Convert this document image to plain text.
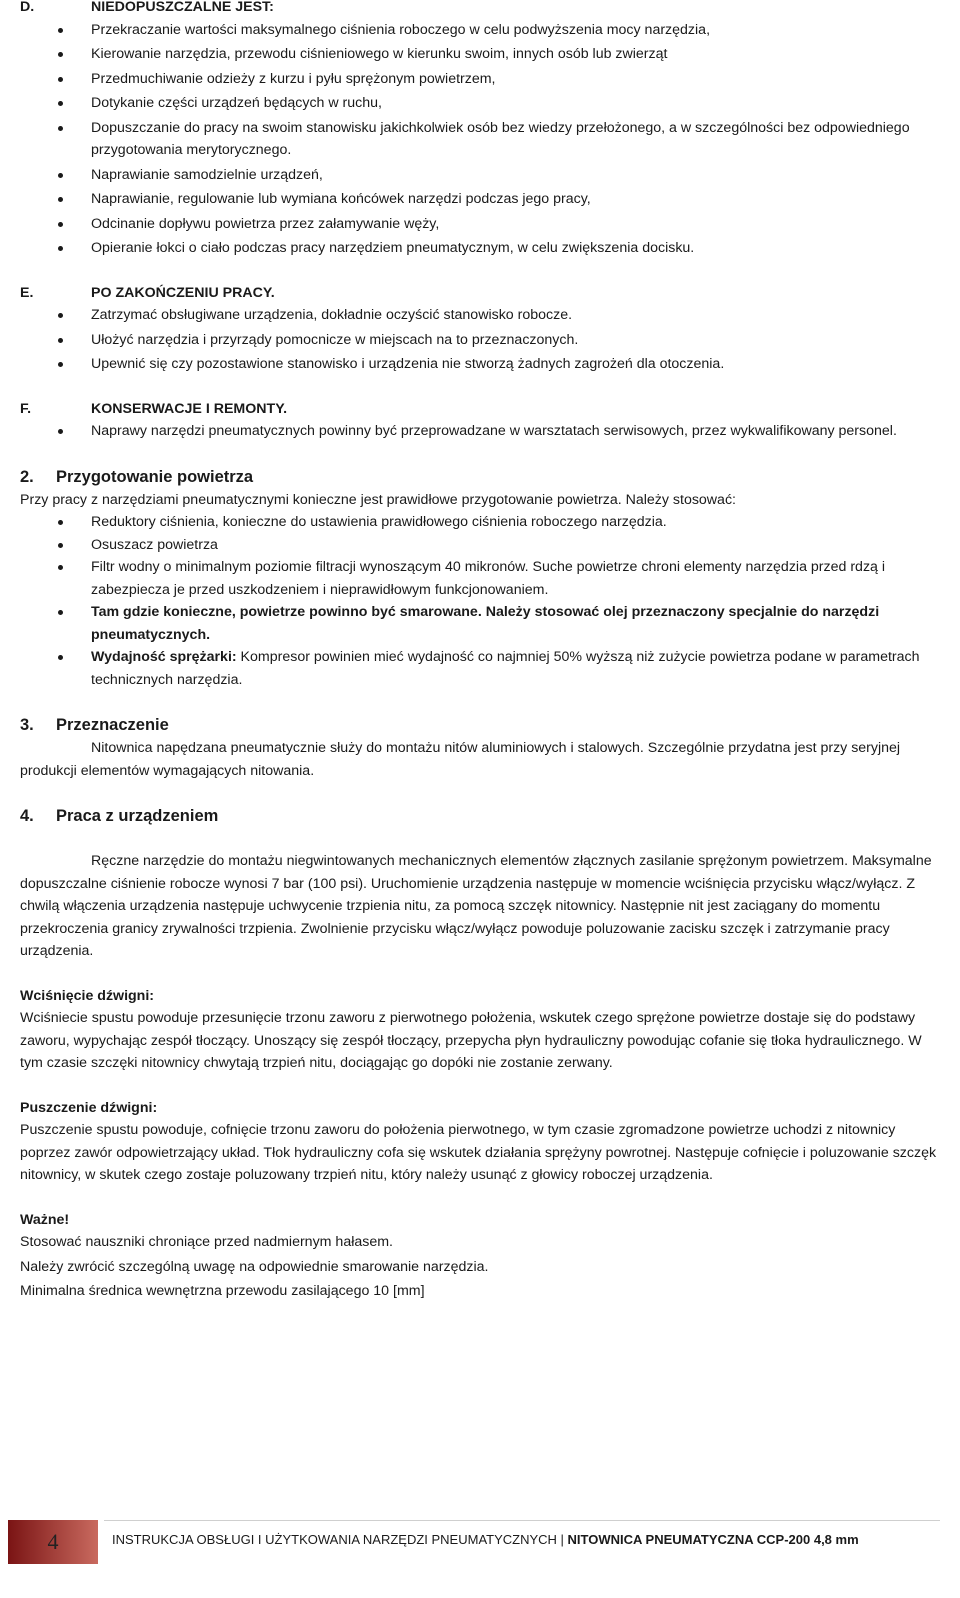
D.	NIEDOPUSZCZALNE JEST:

Przekraczanie wartości maksymalnego ciśnienia roboczego w celu podwyższenia mocy narzędzia,
Kierowanie narzędzia, przewodu ciśnieniowego w kierunku swoim, innych osób lub zwierząt
Przedmuchiwanie odzieży z kurzu i pyłu sprężonym powietrzem,
Dotykanie części urządzeń będących w ruchu,
Dopuszczanie do pracy na swoim stanowisku jakichkolwiek osób bez wiedzy przełożonego, a w szczególności bez odpowiedniego przygotowania merytorycznego.
Naprawianie samodzielnie urządzeń,
Naprawianie, regulowanie lub wymiana końcówek narzędzi podczas jego pracy,
Odcinanie dopływu powietrza przez załamywanie węży,
Opieranie łokci o ciało podczas pracy narzędziem pneumatycznym, w celu zwiększenia docisku.

E.	PO ZAKOŃCZENIU PRACY.

Zatrzymać obsługiwane urządzenia, dokładnie oczyścić stanowisko robocze.
Ułożyć narzędzia i przyrządy pomocnicze w miejscach na to przeznaczonych.
Upewnić się czy pozostawione stanowisko i urządzenia nie stworzą żadnych zagrożeń dla otoczenia.

F.	KONSERWACJE I REMONTY.

Naprawy narzędzi pneumatycznych powinny być przeprowadzane w warsztatach serwisowych, przez wykwalifikowany personel.

2. Przygotowanie powietrza

Przy pracy z narzędziami pneumatycznymi konieczne jest prawidłowe przygotowanie powietrza. Należy stosować:

Reduktory ciśnienia, konieczne do ustawienia prawidłowego ciśnienia roboczego narzędzia.
Osuszacz powietrza
Filtr wodny o minimalnym poziomie filtracji wynoszącym 40 mikronów. Suche powietrze chroni elementy narzędzia przed rdzą i zabezpiecza je przed uszkodzeniem i nieprawidłowym funkcjonowaniem.
Tam gdzie konieczne, powietrze powinno być smarowane. Należy stosować olej przeznaczony specjalnie do narzędzi pneumatycznych.
Wydajność sprężarki: Kompresor powinien mieć wydajność co najmniej 50% wyższą niż zużycie powietrza podane w parametrach technicznych narzędzia.

3. Przeznaczenie

Nitownica napędzana pneumatycznie służy do montażu nitów aluminiowych i stalowych. Szczególnie przydatna jest przy seryjnej produkcji elementów wymagających nitowania.

4. Praca z urządzeniem

Ręczne narzędzie do montażu niegwintowanych mechanicznych elementów złącznych zasilanie sprężonym powietrzem. Maksymalne dopuszczalne ciśnienie robocze wynosi 7 bar (100 psi). Uruchomienie urządzenia następuje w momencie wciśnięcia przycisku włącz/wyłącz. Z chwilą włączenia urządzenia następuje uchwycenie trzpienia nitu, za pomocą szczęk nitownicy. Następnie nit jest zaciągany do momentu przekroczenia granicy zrywalności trzpienia. Zwolnienie przycisku włącz/wyłącz powoduje poluzowanie zacisku szczęk i zatrzymanie pracy urządzenia.

Wciśnięcie dźwigni:

Wciśniecie spustu powoduje przesunięcie trzonu zaworu z pierwotnego położenia, wskutek czego sprężone powietrze dostaje się do podstawy zaworu, wypychając zespół tłoczący. Unoszący się zespół tłoczący, przepycha płyn hydrauliczny powodując cofanie się tłoka hydraulicznego. W tym czasie szczęki nitownicy chwytają trzpień nitu, dociągając go dopóki nie zostanie zerwany.

Puszczenie dźwigni:

Puszczenie spustu powoduje, cofnięcie trzonu zaworu do położenia pierwotnego, w tym czasie zgromadzone powietrze uchodzi z nitownicy poprzez zawór odpowietrzający układ. Tłok hydrauliczny cofa się wskutek działania sprężyny powrotnej. Następuje cofnięcie i poluzowanie szczęk nitownicy, w skutek czego zostaje poluzowany trzpień nitu, który należy usunąć z głowicy roboczej urządzenia.

Ważne!

Stosować nauszniki chroniące przed nadmiernym hałasem.

Należy zwrócić szczególną uwagę na odpowiednie smarowanie narzędzia.

Minimalna średnica wewnętrzna przewodu zasilającego 10 [mm]

4	INSTRUKCJA OBSŁUGI I UŻYTKOWANIA NARZĘDZI PNEUMATYCZNYCH | NITOWNICA PNEUMATYCZNA CCP-200 4,8 mm
